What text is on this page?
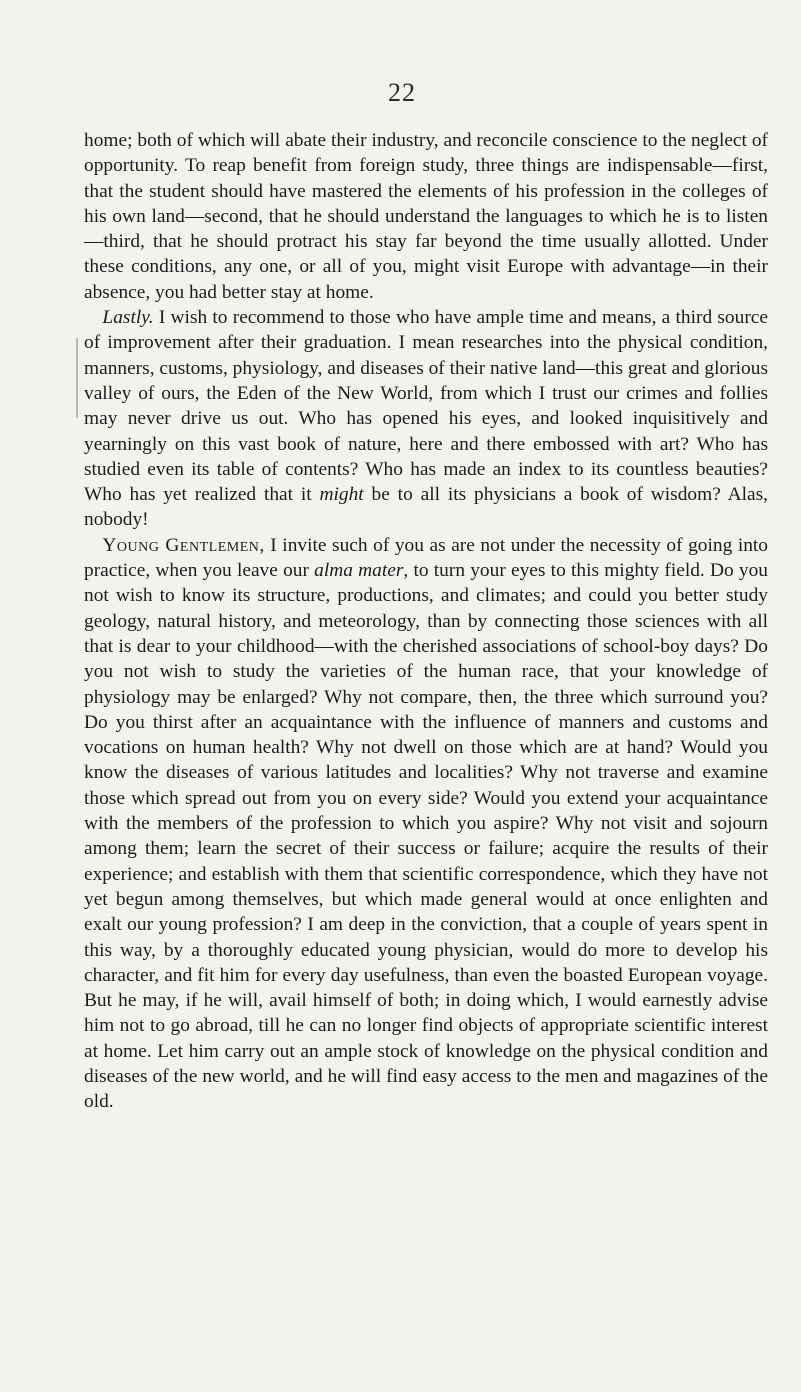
22

home; both of which will abate their industry, and reconcile conscience to the neglect of opportunity. To reap benefit from foreign study, three things are indispensable—first, that the student should have mastered the elements of his profession in the colleges of his own land—second, that he should understand the languages to which he is to listen—third, that he should protract his stay far beyond the time usually allotted. Under these conditions, any one, or all of you, might visit Europe with advantage—in their absence, you had better stay at home.

Lastly. I wish to recommend to those who have ample time and means, a third source of improvement after their graduation. I mean researches into the physical condition, manners, customs, physiology, and diseases of their native land—this great and glorious valley of ours, the Eden of the New World, from which I trust our crimes and follies may never drive us out. Who has opened his eyes, and looked inquisitively and yearningly on this vast book of nature, here and there embossed with art? Who has studied even its table of contents? Who has made an index to its countless beauties? Who has yet realized that it might be to all its physicians a book of wisdom? Alas, nobody!

Young Gentlemen, I invite such of you as are not under the necessity of going into practice, when you leave our alma mater, to turn your eyes to this mighty field. Do you not wish to know its structure, productions, and climates; and could you better study geology, natural history, and meteorology, than by connecting those sciences with all that is dear to your childhood—with the cherished associations of school-boy days? Do you not wish to study the varieties of the human race, that your knowledge of physiology may be enlarged? Why not compare, then, the three which surround you? Do you thirst after an acquaintance with the influence of manners and customs and vocations on human health? Why not dwell on those which are at hand? Would you know the diseases of various latitudes and localities? Why not traverse and examine those which spread out from you on every side? Would you extend your acquaintance with the members of the profession to which you aspire? Why not visit and sojourn among them; learn the secret of their success or failure; acquire the results of their experience; and establish with them that scientific correspondence, which they have not yet begun among themselves, but which made general would at once enlighten and exalt our young profession? I am deep in the conviction, that a couple of years spent in this way, by a thoroughly educated young physician, would do more to develop his character, and fit him for every day usefulness, than even the boasted European voyage. But he may, if he will, avail himself of both; in doing which, I would earnestly advise him not to go abroad, till he can no longer find objects of appropriate scientific interest at home. Let him carry out an ample stock of knowledge on the physical condition and diseases of the new world, and he will find easy access to the men and magazines of the old.
